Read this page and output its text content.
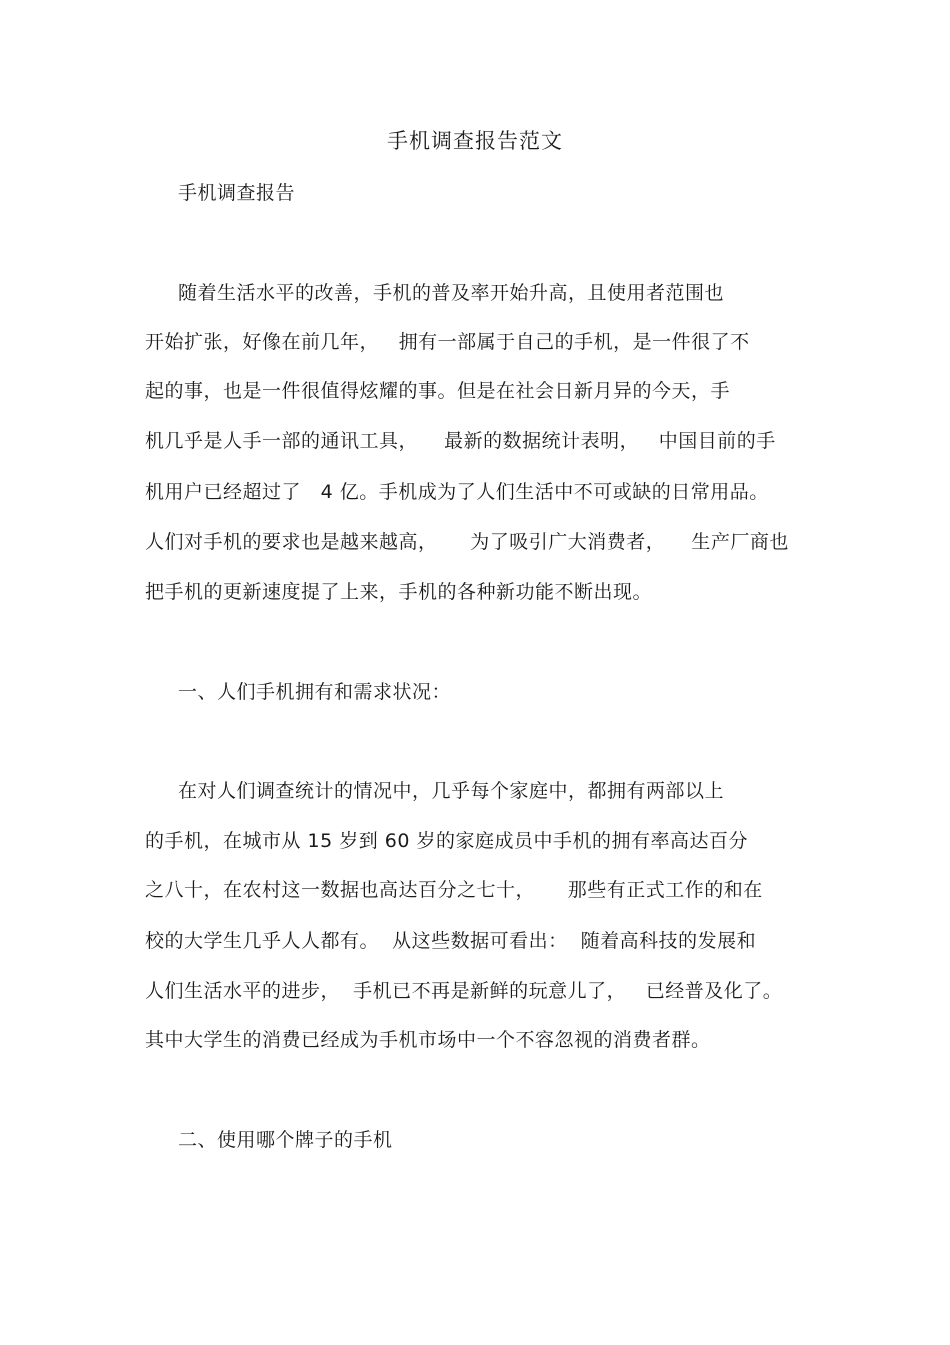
手机调查报告范文
手机调查报告
随着生活水平的改善，手机的普及率开始升高，且使用者范围也
开始扩张，好像在前几年，   拥有一部属于自己的手机，是一件很了不
起的事，也是一件很值得炫耀的事。但是在社会日新月异的今天，手
机几乎是人手一部的通讯工具，    最新的数据统计表明，   中国目前的手
机用户已经超过了   4 亿。手机成为了人们生活中不可或缺的日常用品。
人们对手机的要求也是越来越高，     为了吸引广大消费者，    生产厂商也
把手机的更新速度提了上来，手机的各种新功能不断出现。
一、人们手机拥有和需求状况：
在对人们调查统计的情况中，几乎每个家庭中，都拥有两部以上
的手机，在城市从 15 岁到 60 岁的家庭成员中手机的拥有率高达百分
之八十，在农村这一数据也高达百分之七十，     那些有正式工作的和在
校的大学生几乎人人都有。  从这些数据可看出：  随着高科技的发展和
人们生活水平的进步，  手机已不再是新鲜的玩意儿了，   已经普及化了。
其中大学生的消费已经成为手机市场中一个不容忽视的消费者群。
二、使用哪个牌子的手机
